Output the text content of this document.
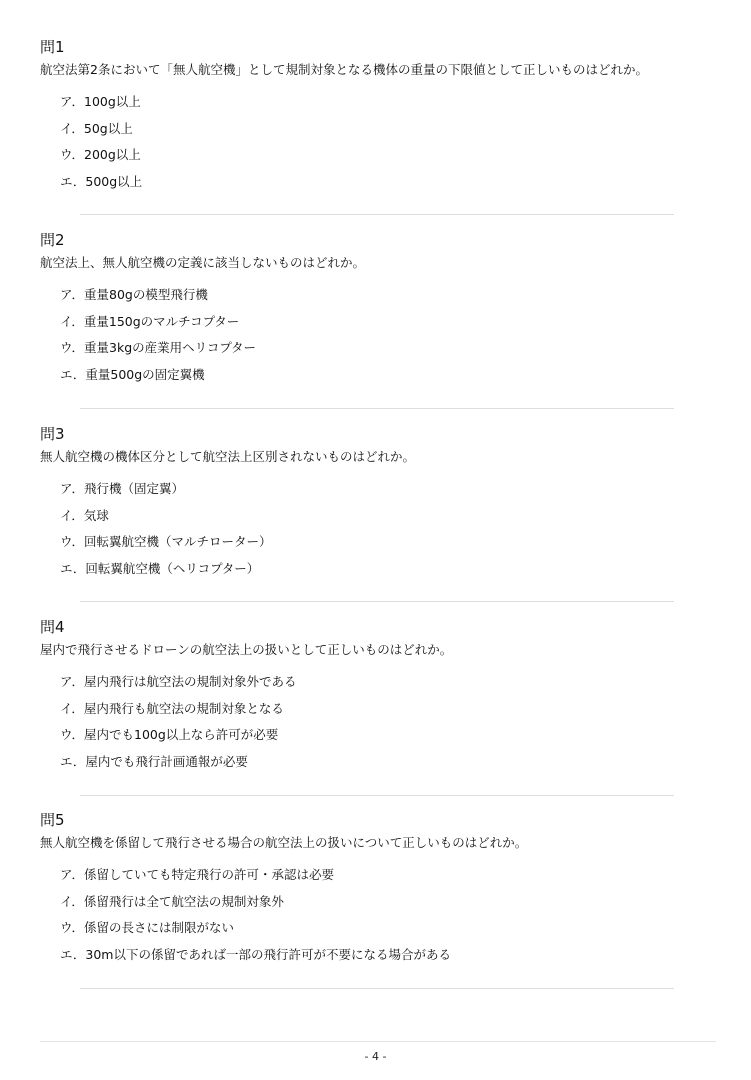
問1

航空法第2条において「無人航空機」として規制対象となる機体の重量の下限値として正しいものはどれか。

ア．100g以上
イ．50g以上
ウ．200g以上
エ．500g以上
問2

航空法上、無人航空機の定義に該当しないものはどれか。

ア．重量80gの模型飛行機
イ．重量150gのマルチコプター
ウ．重量3kgの産業用ヘリコプター
エ．重量500gの固定翼機
問3

無人航空機の機体区分として航空法上区別されないものはどれか。

ア．飛行機（固定翼）
イ．気球
ウ．回転翼航空機（マルチローター）
エ．回転翼航空機（ヘリコプター）
問4

屋内で飛行させるドローンの航空法上の扱いとして正しいものはどれか。

ア．屋内飛行は航空法の規制対象外である
イ．屋内飛行も航空法の規制対象となる
ウ．屋内でも100g以上なら許可が必要
エ．屋内でも飛行計画通報が必要
問5

無人航空機を係留して飛行させる場合の航空法上の扱いについて正しいものはどれか。

ア．係留していても特定飛行の許可・承認は必要
イ．係留飛行は全て航空法の規制対象外
ウ．係留の長さには制限がない
エ．30m以下の係留であれば一部の飛行許可が不要になる場合がある
- 4 -
